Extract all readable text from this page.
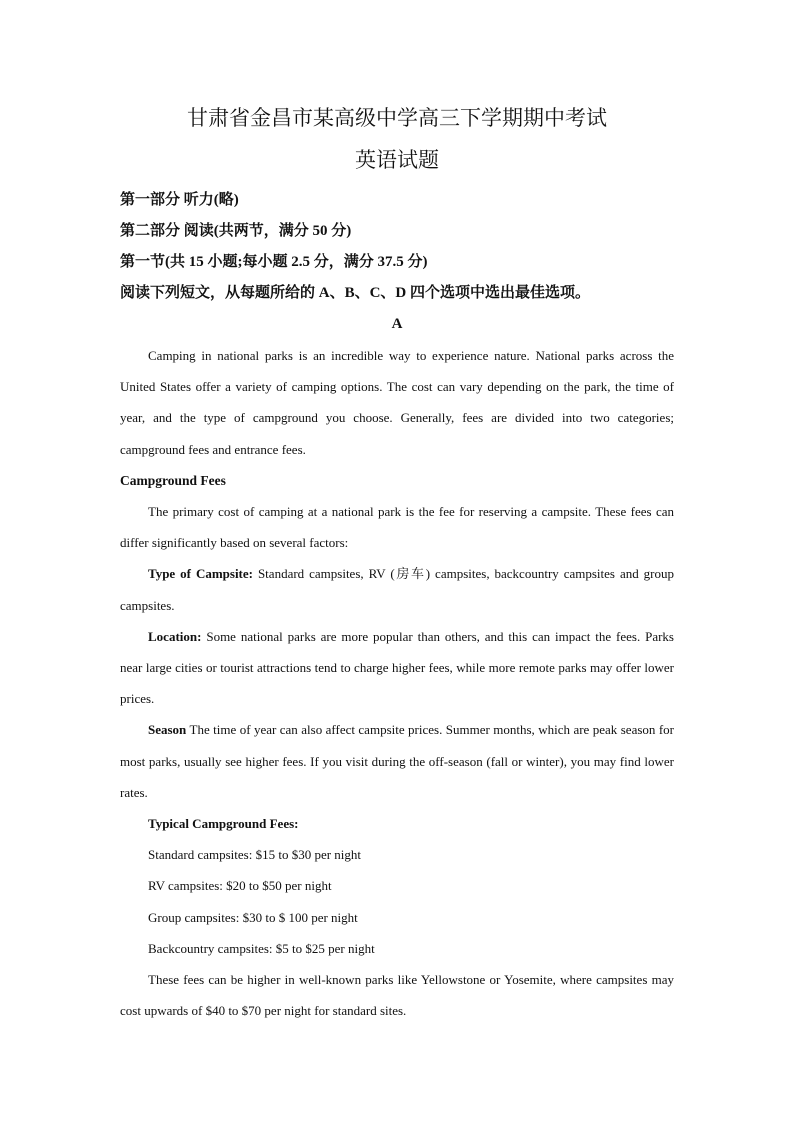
甘肃省金昌市某高级中学高三下学期期中考试
英语试题

第一部分 听力(略)

第二部分 阅读(共两节，满分 50 分)

第一节(共 15 小题;每小题 2.5 分，满分 37.5 分)

阅读下列短文，从每题所给的 A、B、C、D 四个选项中选出最佳选项。

A

Camping in national parks is an incredible way to experience nature. National parks across the United States offer a variety of camping options. The cost can vary depending on the park, the time of year, and the type of campground you choose. Generally, fees are divided into two categories; campground fees and entrance fees.

Campground Fees

The primary cost of camping at a national park is the fee for reserving a campsite. These fees can differ significantly based on several factors:

Type of Campsite: Standard campsites, RV (房车) campsites, backcountry campsites and group campsites.

Location: Some national parks are more popular than others, and this can impact the fees. Parks near large cities or tourist attractions tend to charge higher fees, while more remote parks may offer lower prices.

Season The time of year can also affect campsite prices. Summer months, which are peak season for most parks, usually see higher fees. If you visit during the off-season (fall or winter), you may find lower rates.

Typical Campground Fees:

Standard campsites: $15 to $30 per night

RV campsites: $20 to $50 per night

Group campsites: $30 to $ 100 per night

Backcountry campsites: $5 to $25 per night

These fees can be higher in well-known parks like Yellowstone or Yosemite, where campsites may cost upwards of $40 to $70 per night for standard sites.
